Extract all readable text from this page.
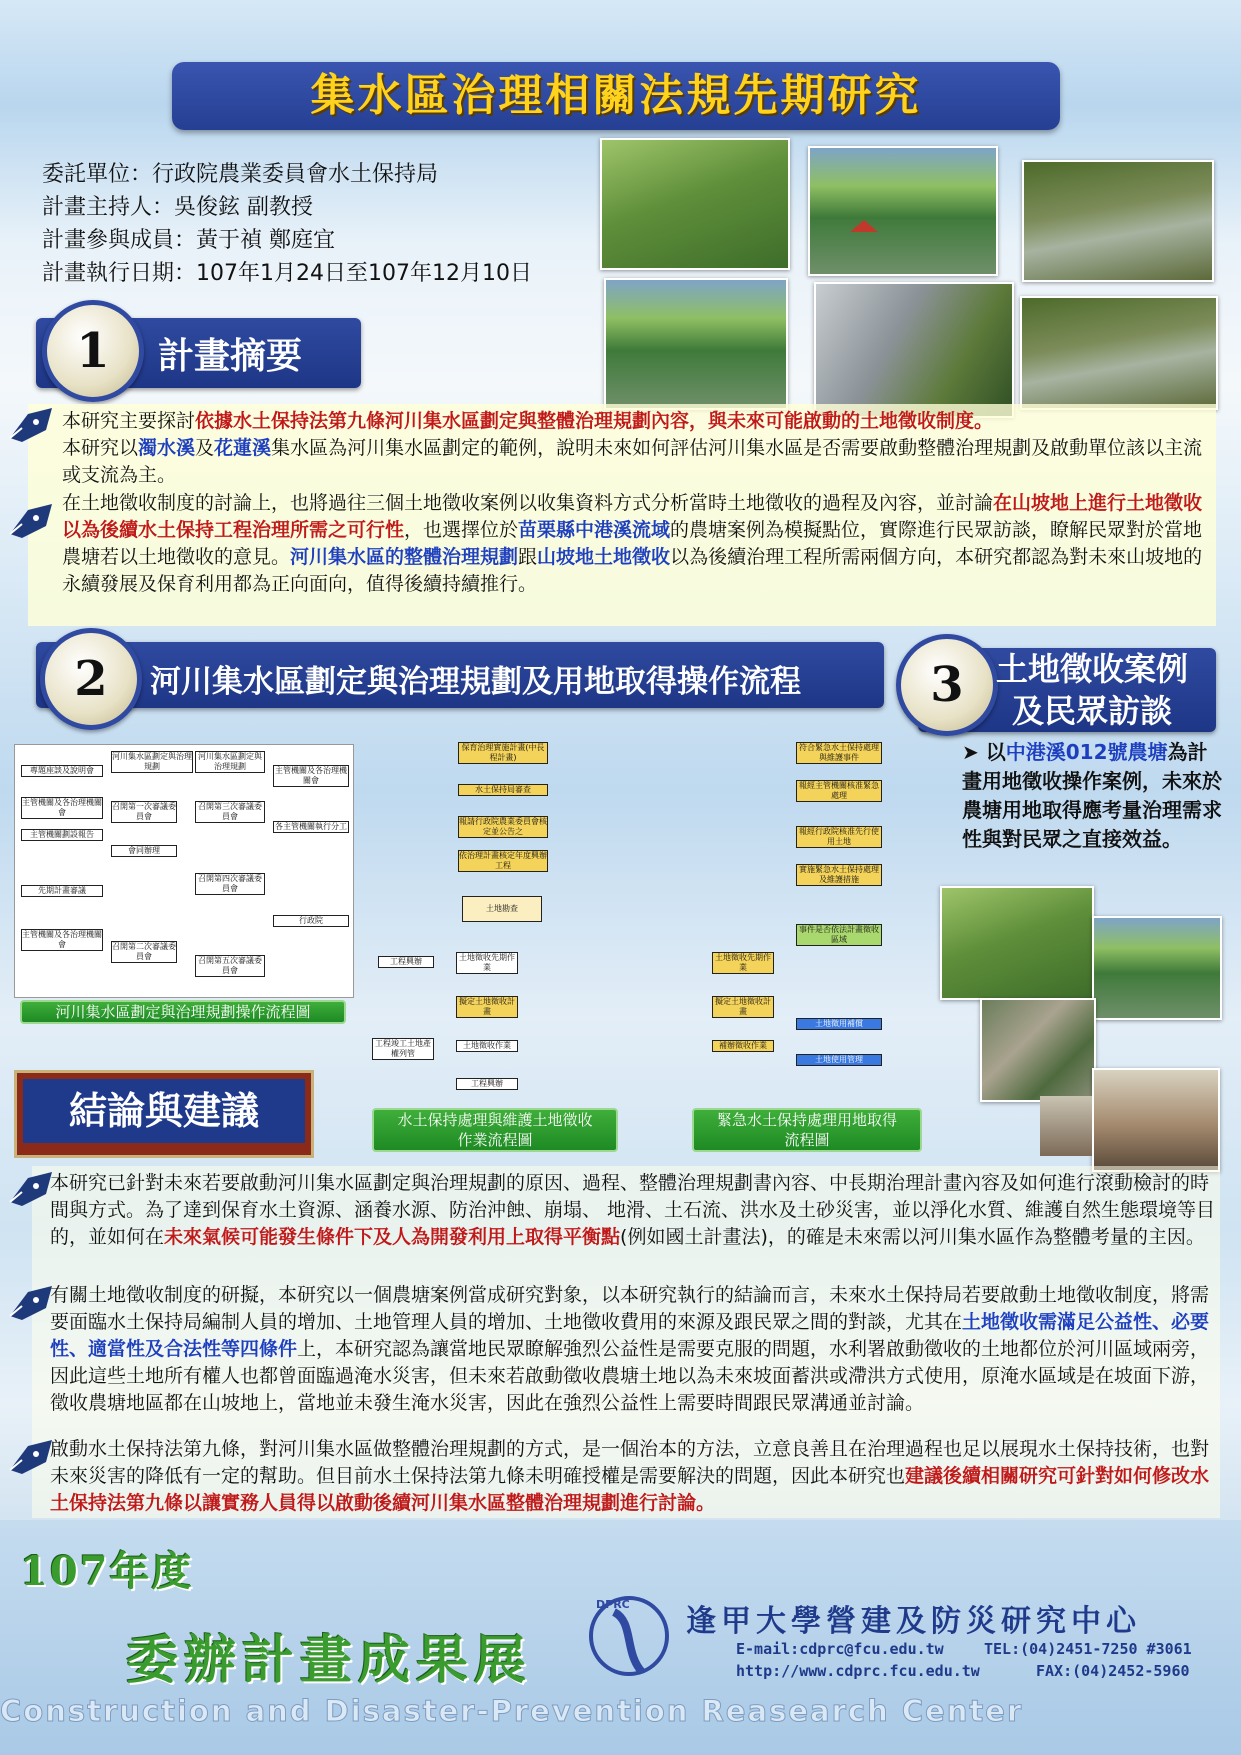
集水區治理相關法規先期研究
委託單位：行政院農業委員會水土保持局
計畫主持人：吳俊鉉 副教授
計畫參與成員：黃于禎 鄭庭宜
計畫執行日期：107年1月24日至107年12月10日
1	計畫摘要
本研究主要探討依據水土保持法第九條河川集水區劃定與整體治理規劃內容，與未來可能啟動的土地徵收制度。
本研究以濁水溪及花蓮溪集水區為河川集水區劃定的範例，說明未來如何評估河川集水區是否需要啟動整體治理規劃及啟動單位該以主流或支流為主。
在土地徵收制度的討論上，也將過往三個土地徵收案例以收集資料方式分析當時土地徵收的過程及內容，並討論在山坡地上進行土地徵收以為後續水土保持工程治理所需之可行性，也選擇位於苗栗縣中港溪流域的農塘案例為模擬點位，實際進行民眾訪談，瞭解民眾對於當地農塘若以土地徵收的意見。河川集水區的整體治理規劃跟山坡地土地徵收以為後續治理工程所需兩個方向，本研究都認為對未來山坡地的永續發展及保育利用都為正向面向，值得後續持續推行。
2	河川集水區劃定與治理規劃及用地取得操作流程	3	土地徵收案例
及民眾訪談
專題座談及說明會
主管機關及各治理機關會
主管機關劃設報告
先期計畫審議
主管機關及各治理機關會
河川集水區劃定與治理規劃
召開第一次審議委員會
會同辦理
召開第二次審議委員會
河川集水區劃定與治理規劃
召開第三次審議委員會
召開第四次審議委員會
召開第五次審議委員會
主管機關及各治理機關會
各主管機關執行分工
行政院
河川集水區劃定與治理規劃操作流程圖
保育治理實施計畫(中長程計畫)
水土保持局審查
報請行政院農業委員會核定並公告之
依治理計畫核定年度興辦工程
土地勘查
土地徵收先期作業
擬定土地徵收計畫
土地徵收作業
工程興辦
工程竣工土地產權列管
工程興辦
水土保持處理與維護土地徵收
作業流程圖
符合緊急水土保持處理與維護事件
報經主管機關核准緊急處理
報經行政院核准先行使用土地
實施緊急水土保持處理及維護措施
事件是否依法計畫徵收區域
土地徵收先期作業
擬定土地徵收計畫
補辦徵收作業
土地徵用補償
土地使用管理
緊急水土保持處理用地取得
流程圖
➤ 以中港溪012號農塘為計畫用地徵收操作案例，未來於農塘用地取得應考量治理需求性與對民眾之直接效益。
結論與建議
本研究已針對未來若要啟動河川集水區劃定與治理規劃的原因、過程、整體治理規劃書內容、中長期治理計畫內容及如何進行滾動檢討的時間與方式。為了達到保育水土資源、涵養水源、防治沖蝕、崩塌、 地滑、土石流、洪水及土砂災害，並以淨化水質、維護自然生態環境等目的，並如何在未來氣候可能發生條件下及人為開發利用上取得平衡點(例如國土計畫法)，的確是未來需以河川集水區作為整體考量的主因。
有關土地徵收制度的研擬，本研究以一個農塘案例當成研究對象，以本研究執行的結論而言，未來水土保持局若要啟動土地徵收制度，將需要面臨水土保持局編制人員的增加、土地管理人員的增加、土地徵收費用的來源及跟民眾之間的對談，尤其在土地徵收需滿足公益性、必要性、適當性及合法性等四條件上，本研究認為讓當地民眾瞭解強烈公益性是需要克服的問題，水利署啟動徵收的土地都位於河川區域兩旁，因此這些土地所有權人也都曾面臨過淹水災害，但未來若啟動徵收農塘土地以為未來坡面蓄洪或滯洪方式使用，原淹水區域是在坡面下游，徵收農塘地區都在山坡地上，當地並未發生淹水災害，因此在強烈公益性上需要時間跟民眾溝通並討論。
啟動水土保持法第九條，對河川集水區做整體治理規劃的方式，是一個治本的方法，立意良善且在治理過程也足以展現水土保持技術，也對未來災害的降低有一定的幫助。但目前水土保持法第九條未明確授權是需要解決的問題，因此本研究也建議後續相關研究可針對如何修改水土保持法第九條以讓實務人員得以啟動後續河川集水區整體治理規劃進行討論。
107年度
委辦計畫成果展
DPRC 逢甲大學營建及防災研究中心
E-mail:cdprc@fcu.edu.tw	TEL:(04)2451-7250 #3061
http://www.cdprc.fcu.edu.tw	FAX:(04)2452-5960
Construction and Disaster-Prevention Reasearch Center
